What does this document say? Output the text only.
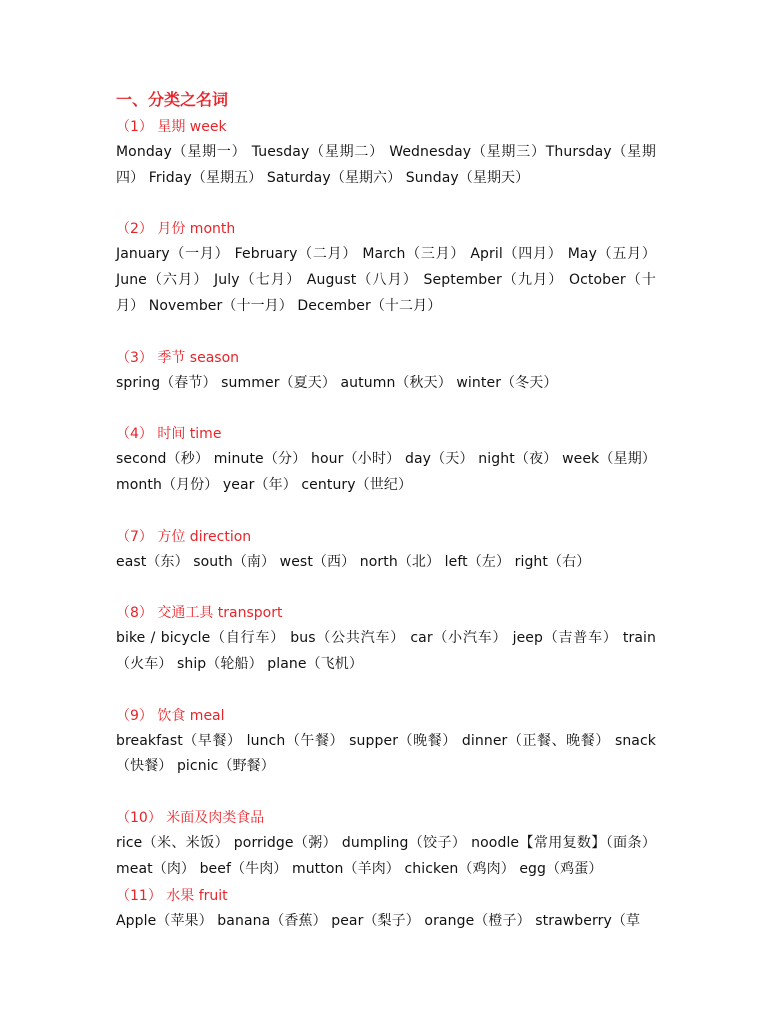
一、分类之名词
（1） 星期 week
Monday（星期一） Tuesday（星期二） Wednesday（星期三）Thursday（星期四） Friday（星期五） Saturday（星期六） Sunday（星期天）
（2） 月份 month
January（一月） February（二月） March（三月） April（四月） May（五月） June（六月） July（七月） August（八月） September（九月） October（十月） November（十一月） December（十二月）
（3） 季节 season
spring（春节） summer（夏天） autumn（秋天） winter（冬天）
（4） 时间 time
second（秒） minute（分） hour（小时） day（天） night（夜） week（星期） month（月份） year（年） century（世纪）
（7） 方位 direction
east（东） south（南） west（西） north（北） left（左） right（右）
（8） 交通工具 transport
bike / bicycle（自行车） bus（公共汽车） car（小汽车） jeep（吉普车） train（火车） ship（轮船） plane（飞机）
（9） 饮食 meal
breakfast（早餐） lunch（午餐） supper（晚餐） dinner（正餐、晚餐） snack（快餐） picnic（野餐）
（10） 米面及肉类食品
rice（米、米饭） porridge（粥） dumpling（饺子） noodle【常用复数】（面条）meat（肉） beef（牛肉） mutton（羊肉） chicken（鸡肉） egg（鸡蛋）
（11） 水果 fruit
Apple（苹果） banana（香蕉） pear（梨子） orange（橙子） strawberry（草
